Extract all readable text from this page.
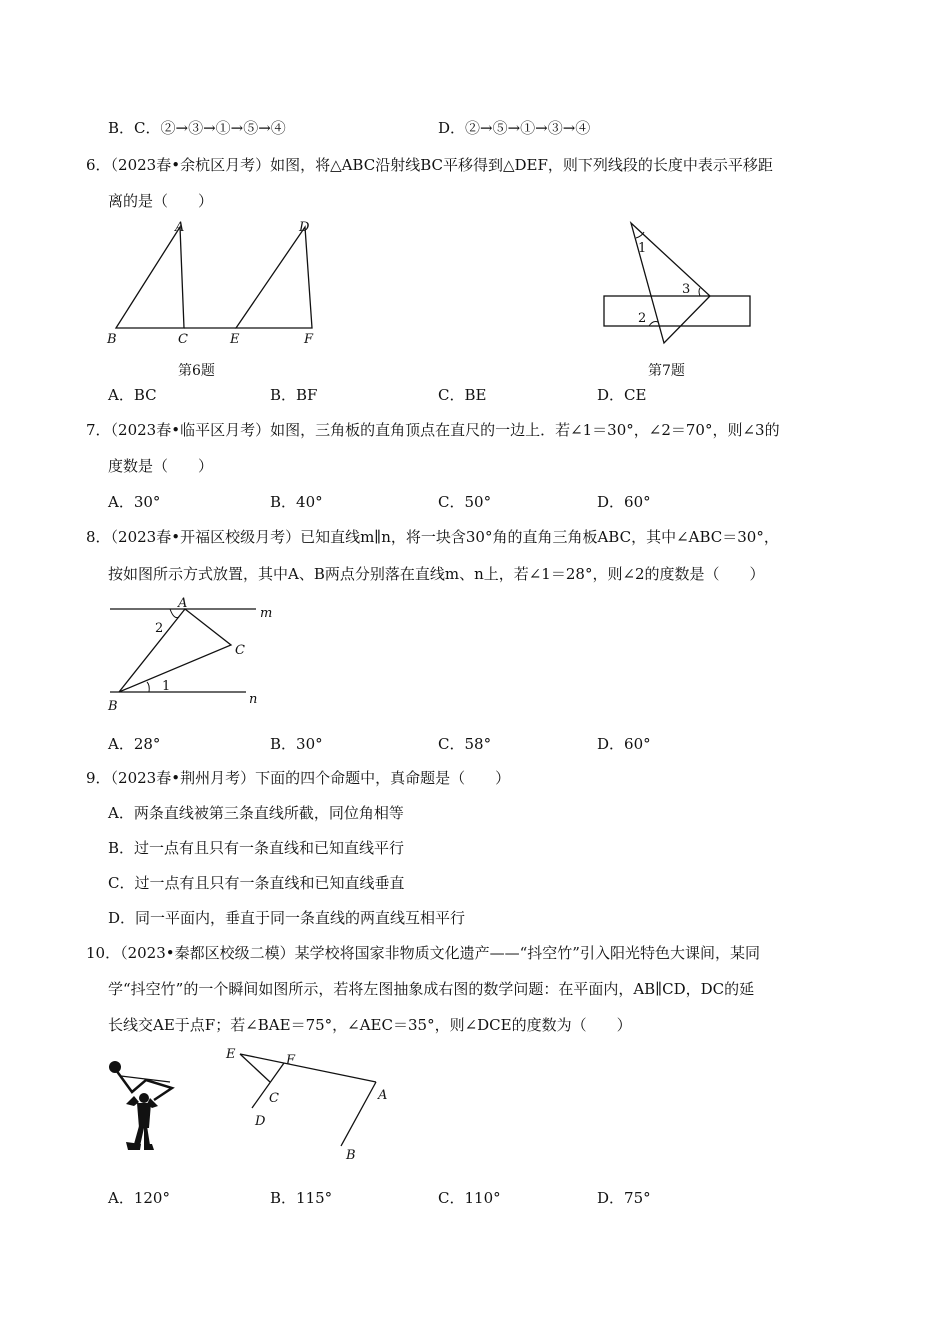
B．C．②→③→①→⑤→④	D．②→⑤→①→③→④
6．（2023春•余杭区月考）如图，将△ABC沿射线BC平移得到△DEF，则下列线段的长度中表示平移距
离的是（　　）
A
B	C
D
E	F
第6题
1
3
2
第7题
A．BC	B．BF	C．BE	D．CE
7．（2023春•临平区月考）如图，三角板的直角顶点在直尺的一边上．若∠1＝30°，∠2＝70°，则∠3的
度数是（　　）
A．30°	B．40°	C．50°	D．60°
8．（2023春•开福区校级月考）已知直线m∥n，将一块含30°角的直角三角板ABC，其中∠ABC＝30°，
按如图所示方式放置，其中A、B两点分别落在直线m、n上，若∠1＝28°，则∠2的度数是（　　）
A
B
C
m
n
1
2
A．28°	B．30°	C．58°	D．60°
9．（2023春•荆州月考）下面的四个命题中，真命题是（　　）
A．两条直线被第三条直线所截，同位角相等
B．过一点有且只有一条直线和已知直线平行
C．过一点有且只有一条直线和已知直线垂直
D．同一平面内，垂直于同一条直线的两直线互相平行
10．（2023•秦都区校级二模）某学校将国家非物质文化遗产——“抖空竹”引入阳光特色大课间，某同
学“抖空竹”的一个瞬间如图所示，若将左图抽象成右图的数学问题：在平面内，AB∥CD，DC的延
长线交AE于点F；若∠BAE＝75°，∠AEC＝35°，则∠DCE的度数为（　　）
E	F
C
D
A
B
A．120°	B．115°	C．110°	D．75°
